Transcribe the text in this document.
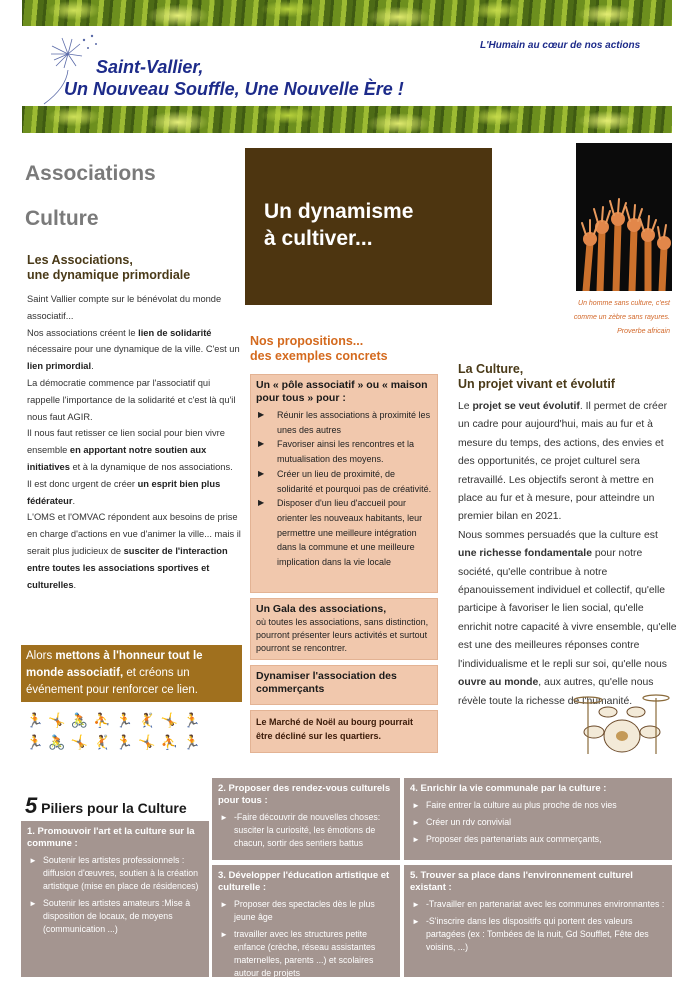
L'Humain au cœur de nos actions
Saint-Vallier,
Un Nouveau Souffle, Une Nouvelle Ère !
Associations
Culture
Les Associations,
une dynamique primordiale
Saint Vallier compte sur le bénévolat du monde associatif...
Nos associations créent le lien de solidarité nécessaire pour une dynamique de la ville. C'est un lien primordial.
La démocratie commence par l'associatif qui rappelle l'importance de la solidarité et c'est là qu'il nous faut AGIR.
Il nous faut retisser ce lien social pour bien vivre ensemble en apportant notre soutien aux initiatives et à la dynamique de nos associations.
Il est donc urgent de créer un esprit bien plus fédérateur.
L'OMS et l'OMVAC répondent aux besoins de prise en charge d'actions en vue d'animer la ville... mais il serait plus judicieux de susciter de l'interaction entre toutes les associations sportives et culturelles.
Alors mettons à l'honneur tout le monde associatif, et créons un événement pour renforcer ce lien.
🏃🤸🚴⛹🏃🤾🤸🏃
🏃🚴🤸🤾🏃🤸⛹🏃
Un dynamisme
à cultiver...
Nos propositions...
des exemples concrets
Un « pôle associatif » ou « maison pour tous » pour :
▶ Réunir les associations à proximité les unes des autres
▶ Favoriser ainsi les rencontres et la mutualisation des moyens.
▶ Créer un lieu de proximité, de solidarité et pourquoi pas de créativité.
▶ Disposer d'un lieu d'accueil pour orienter les nouveaux habitants, leur permettre une meilleure intégration dans la commune et une meilleure implication dans la vie locale
Un Gala des associations,
où toutes les associations, sans distinction, pourront présenter leurs activités et surtout pourront se rencontrer.
Dynamiser l'association des commerçants
Le Marché de Noël au bourg pourrait être décliné sur les quartiers.
Un homme sans culture, c'est comme un zèbre sans rayures.
Proverbe africain
La Culture,
Un projet vivant et évolutif
Le projet se veut évolutif. Il permet de créer un cadre pour aujourd'hui, mais au fur et à mesure du temps, des actions, des envies et des opportunités, ce projet culturel sera retravaillé. Les objectifs seront à mettre en place au fur et à mesure, pour atteindre un premier bilan en 2021.
Nous sommes persuadés que la culture est une richesse fondamentale pour notre société, qu'elle contribue à notre épanouissement individuel et collectif, qu'elle participe à favoriser le lien social, qu'elle enrichit notre capacité à vivre ensemble, qu'elle est une des meilleures réponses contre l'individualisme et le repli sur soi, qu'elle nous ouvre au monde, aux autres, qu'elle nous révèle toute la richesse de l'humanité.
5 Piliers pour la Culture
1. Promouvoir l'art et la culture sur la commune :
► Soutenir les artistes professionnels : diffusion d'œuvres, soutien à la création artistique (mise en place de résidences)
► Soutenir les artistes amateurs :Mise à disposition de locaux, de moyens (communication ...)
2. Proposer des rendez-vous culturels pour tous :
► -Faire découvrir de nouvelles choses: susciter la curiosité, les émotions de chacun, sortir des sentiers battus
3. Développer l'éducation artistique et culturelle :
► Proposer des spectacles dès le plus jeune âge
► travailler avec les structures petite enfance (crèche, réseau assistantes maternelles, parents ...) et scolaires autour de projets
4. Enrichir la vie communale par la culture :
► Faire entrer la culture au plus proche de nos vies
► Créer un rdv convivial
► Proposer des partenariats aux commerçants,
5. Trouver sa place dans l'environnement culturel existant :
► -Travailler en partenariat avec les communes environnantes :
► -S'inscrire dans les dispositifs qui portent des valeurs partagées (ex : Tombées de la nuit, Gd Soufflet, Fête des voisins, ...)
